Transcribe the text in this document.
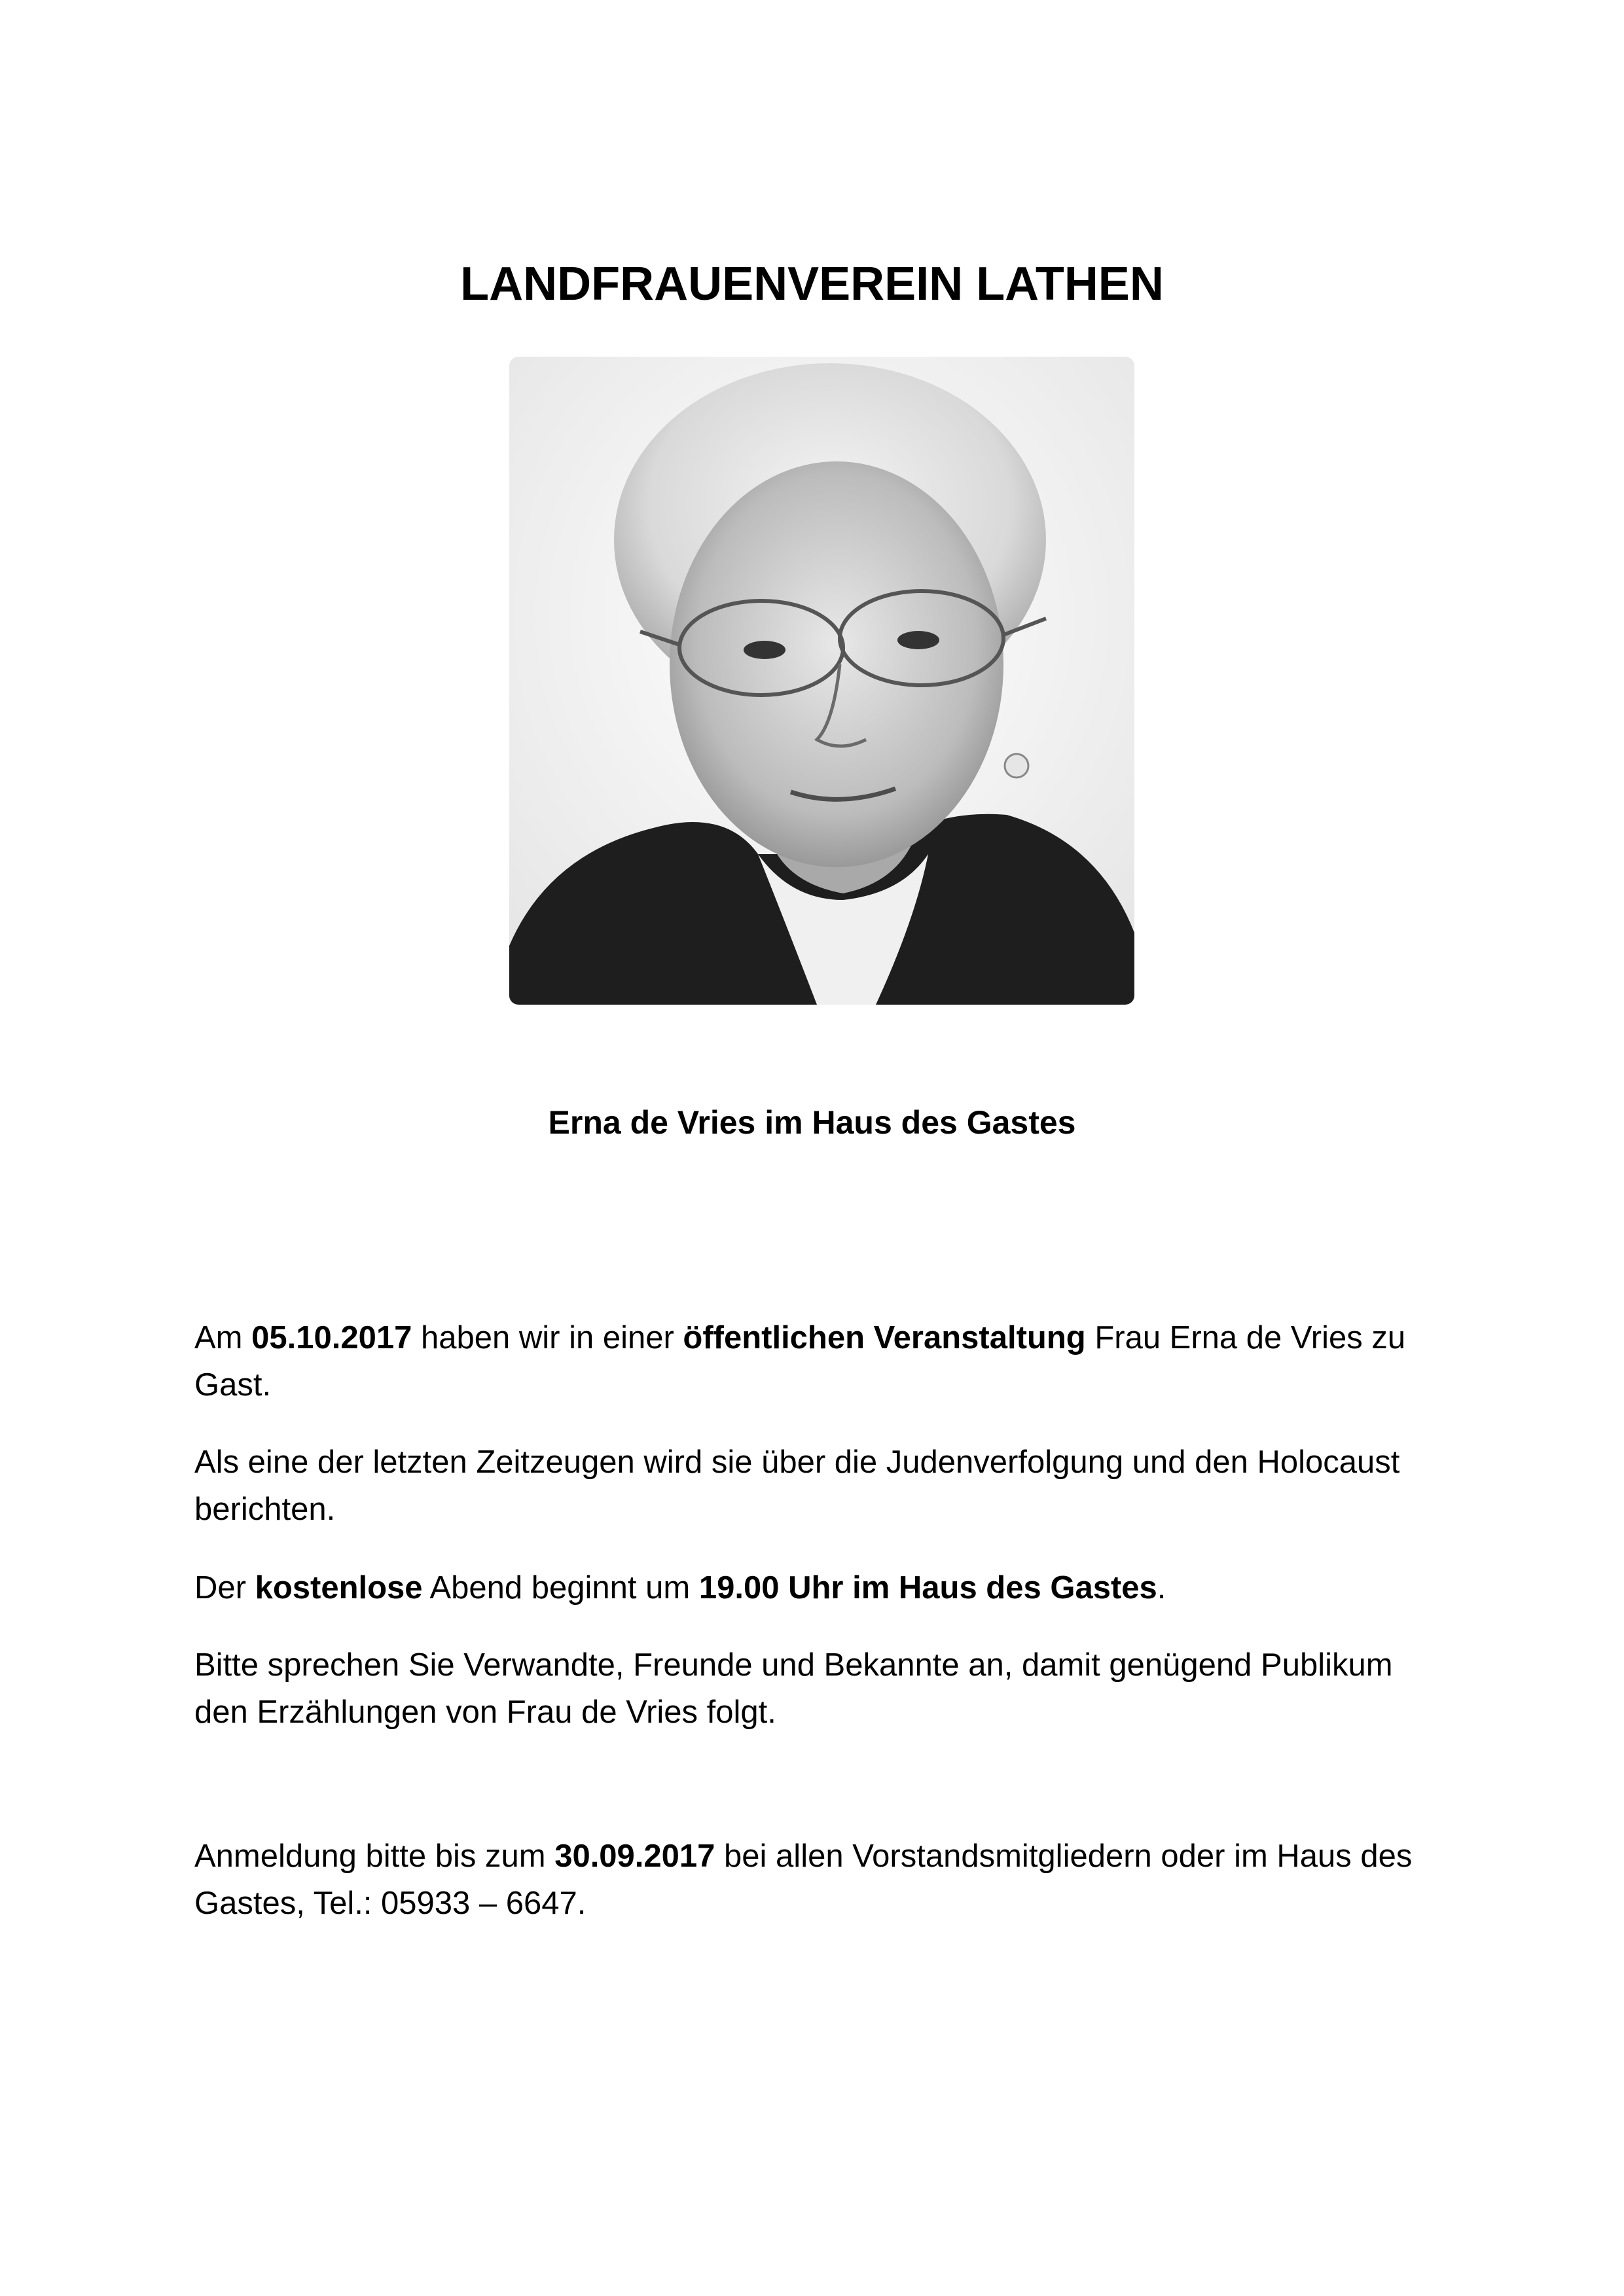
LANDFRAUENVEREIN LATHEN
Erna de Vries im Haus des Gastes
Am 05.10.2017 haben wir in einer öffentlichen Veranstaltung Frau Erna de Vries zu Gast.
Als eine der letzten Zeitzeugen wird sie über die Judenverfolgung und den Holocaust berichten.
Der kostenlose Abend beginnt um 19.00 Uhr im Haus des Gastes.
Bitte sprechen Sie Verwandte, Freunde und Bekannte an, damit genügend Publikum den Erzählungen von Frau de Vries folgt.
Anmeldung bitte bis zum 30.09.2017 bei allen Vorstandsmitgliedern oder im Haus des Gastes, Tel.: 05933 – 6647.
